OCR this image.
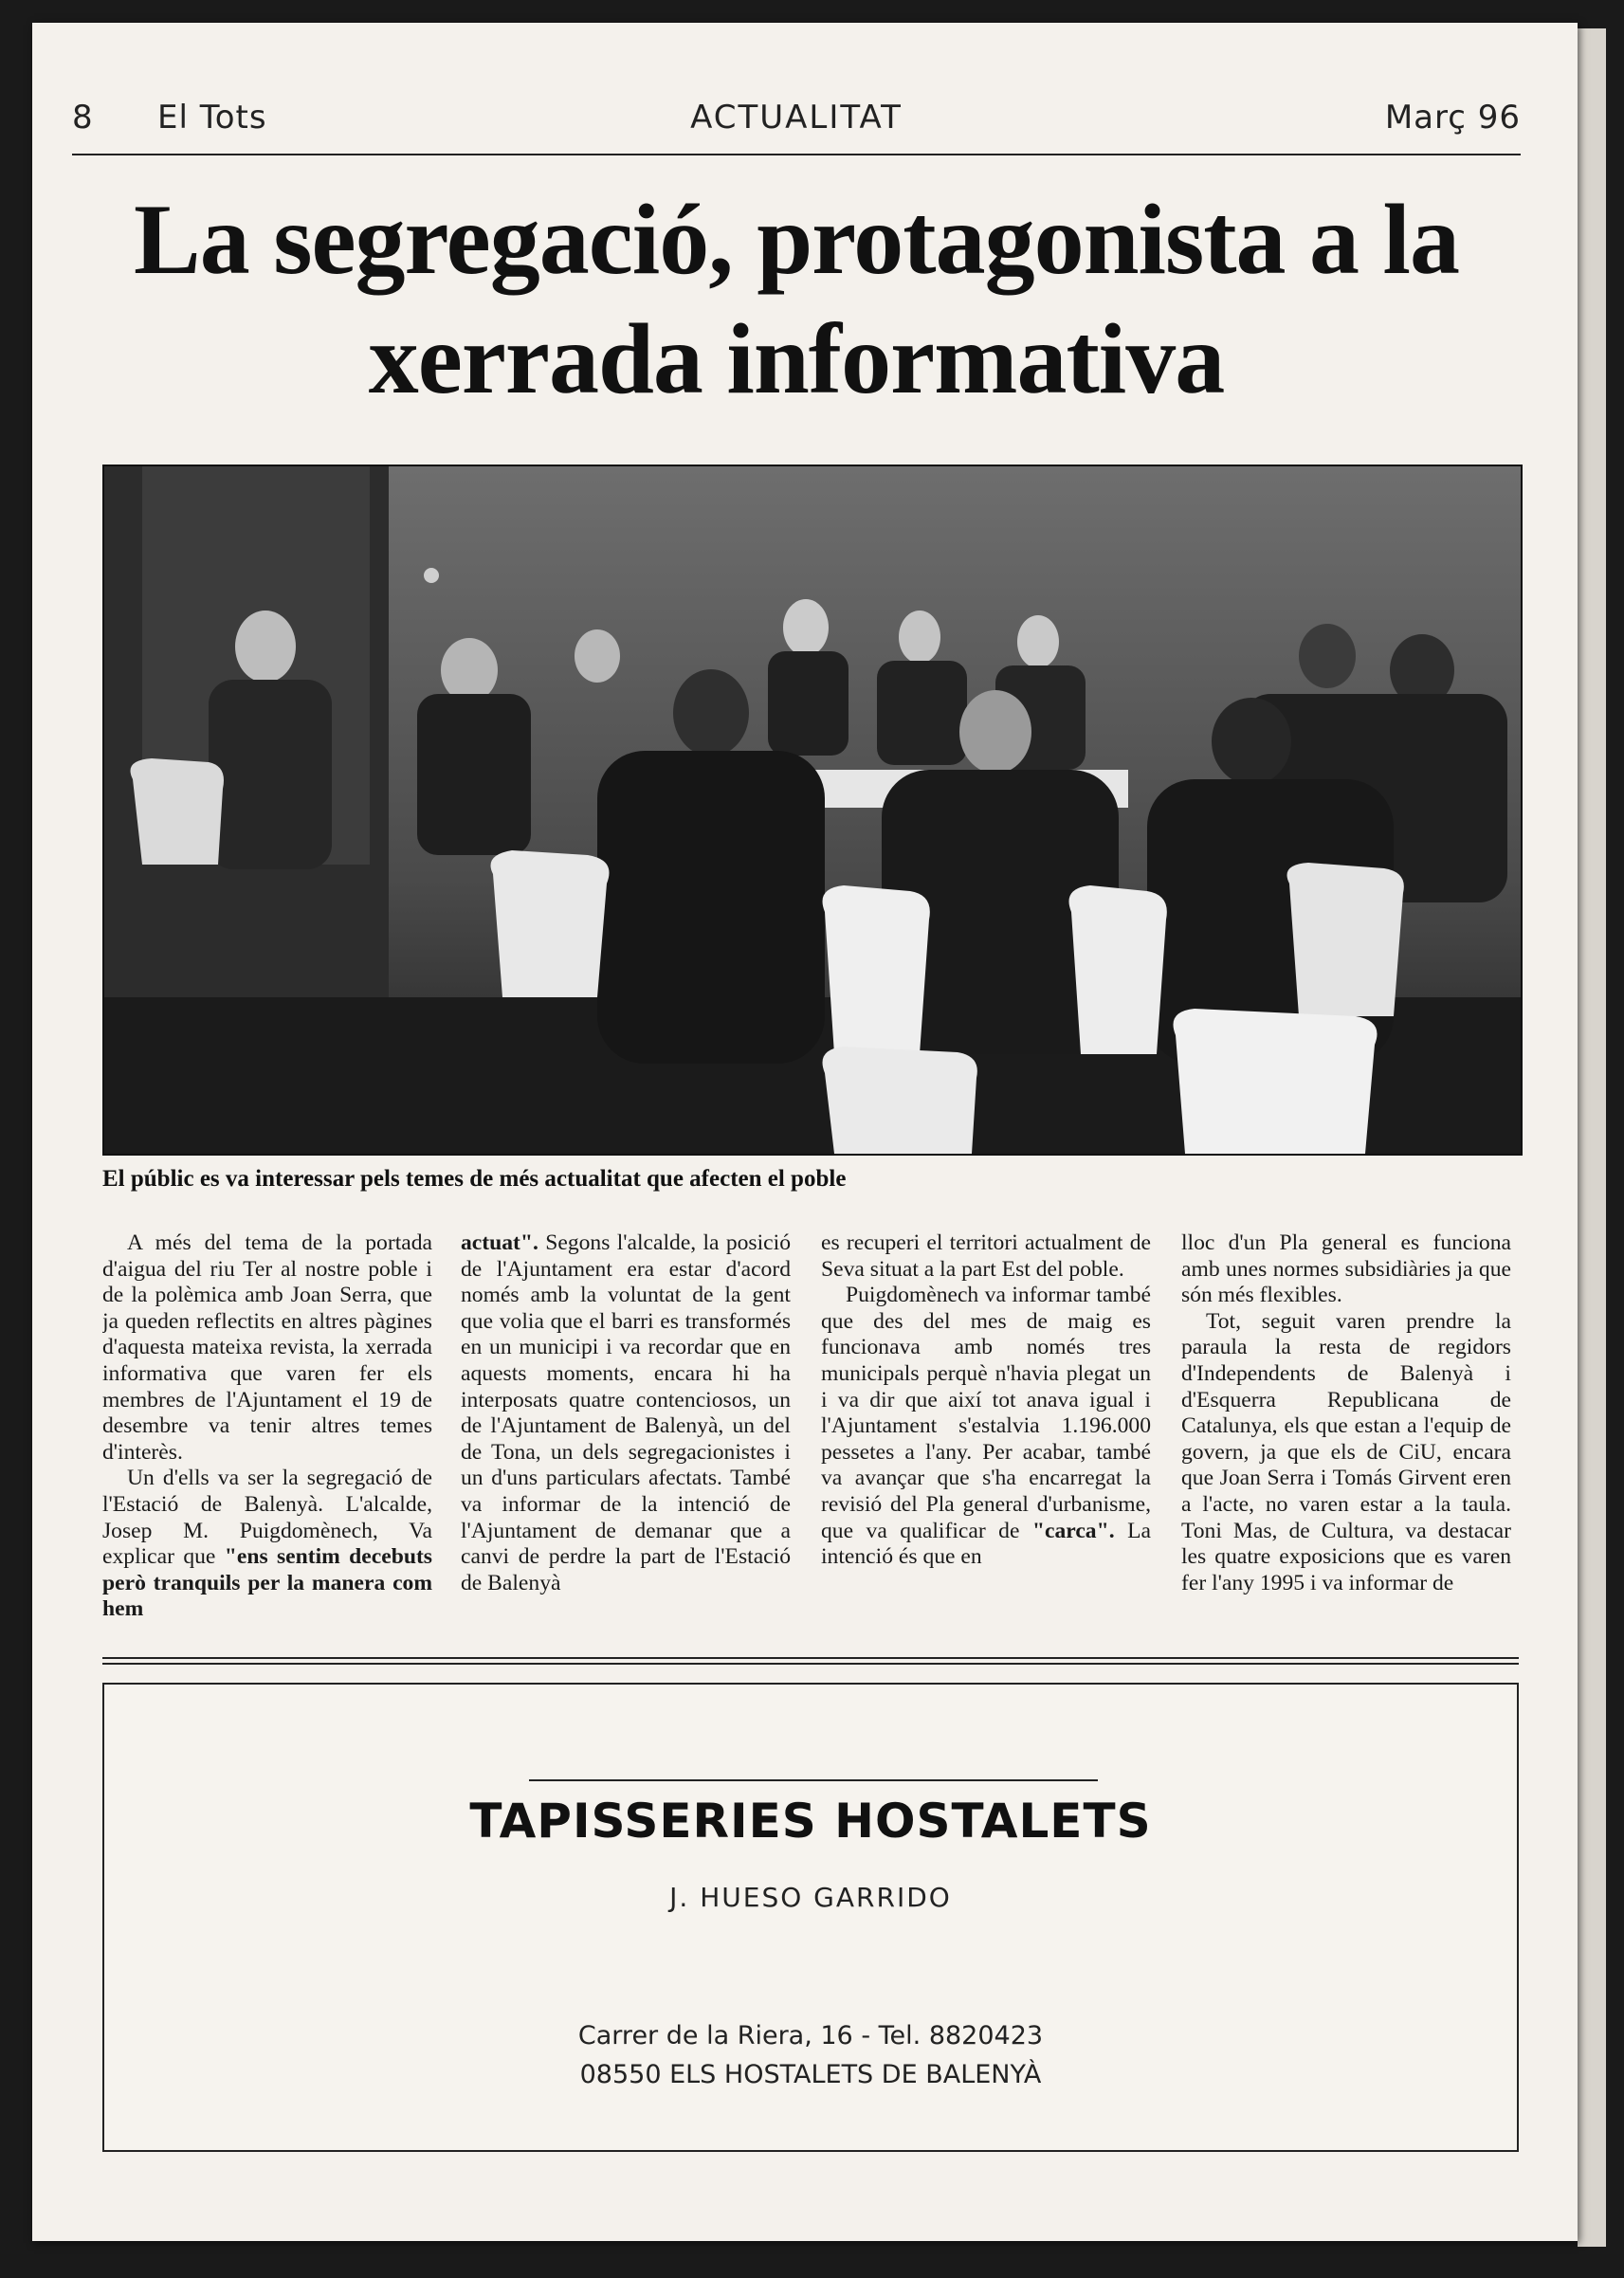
8 El Tots	ACTUALITAT	Març 96
La segregació, protagonista a la xerrada informativa
El públic es va interessar pels temes de més actualitat que afecten el poble

A més del tema de la portada d'aigua del riu Ter al nostre poble i de la polèmica amb Joan Serra, que ja queden reflectits en altres pàgines d'aquesta mateixa revista, la xerrada informativa que varen fer els membres de l'Ajuntament el 19 de desembre va tenir altres temes d'interès.

Un d'ells va ser la segregació de l'Estació de Balenyà. L'alcalde, Josep M. Puigdomènech, Va explicar que "ens sentim decebuts però tranquils per la manera com hem

actuat". Segons l'alcalde, la posició de l'Ajuntament era estar d'acord només amb la voluntat de la gent que volia que el barri es transformés en un municipi i va recordar que en aquests moments, encara hi ha interposats quatre contenciosos, un de l'Ajuntament de Balenyà, un del de Tona, un dels segregacionistes i un d'uns particulars afectats. També va informar de la intenció de l'Ajuntament de demanar que a canvi de perdre la part de l'Estació de Balenyà

es recuperi el territori actualment de Seva situat a la part Est del poble.

Puigdomènech va informar també que des del mes de maig es funcionava amb només tres municipals perquè n'havia plegat un i va dir que així tot anava igual i l'Ajuntament s'estalvia 1.196.000 pessetes a l'any. Per acabar, també va avançar que s'ha encarregat la revisió del Pla general d'urbanisme, que va qualificar de "carca". La intenció és que en

lloc d'un Pla general es funciona amb unes normes subsidiàries ja que són més flexibles.

Tot, seguit varen prendre la paraula la resta de regidors d'Independents de Balenyà i d'Esquerra Republicana de Catalunya, els que estan a l'equip de govern, ja que els de CiU, encara que Joan Serra i Tomás Girvent eren a l'acte, no varen estar a la taula. Toni Mas, de Cultura, va destacar les quatre exposicions que es varen fer l'any 1995 i va informar de

TAPISSERIES HOSTALETS
J. HUESO GARRIDO
Carrer de la Riera, 16 - Tel. 8820423
08550 ELS HOSTALETS DE BALENYÀ
